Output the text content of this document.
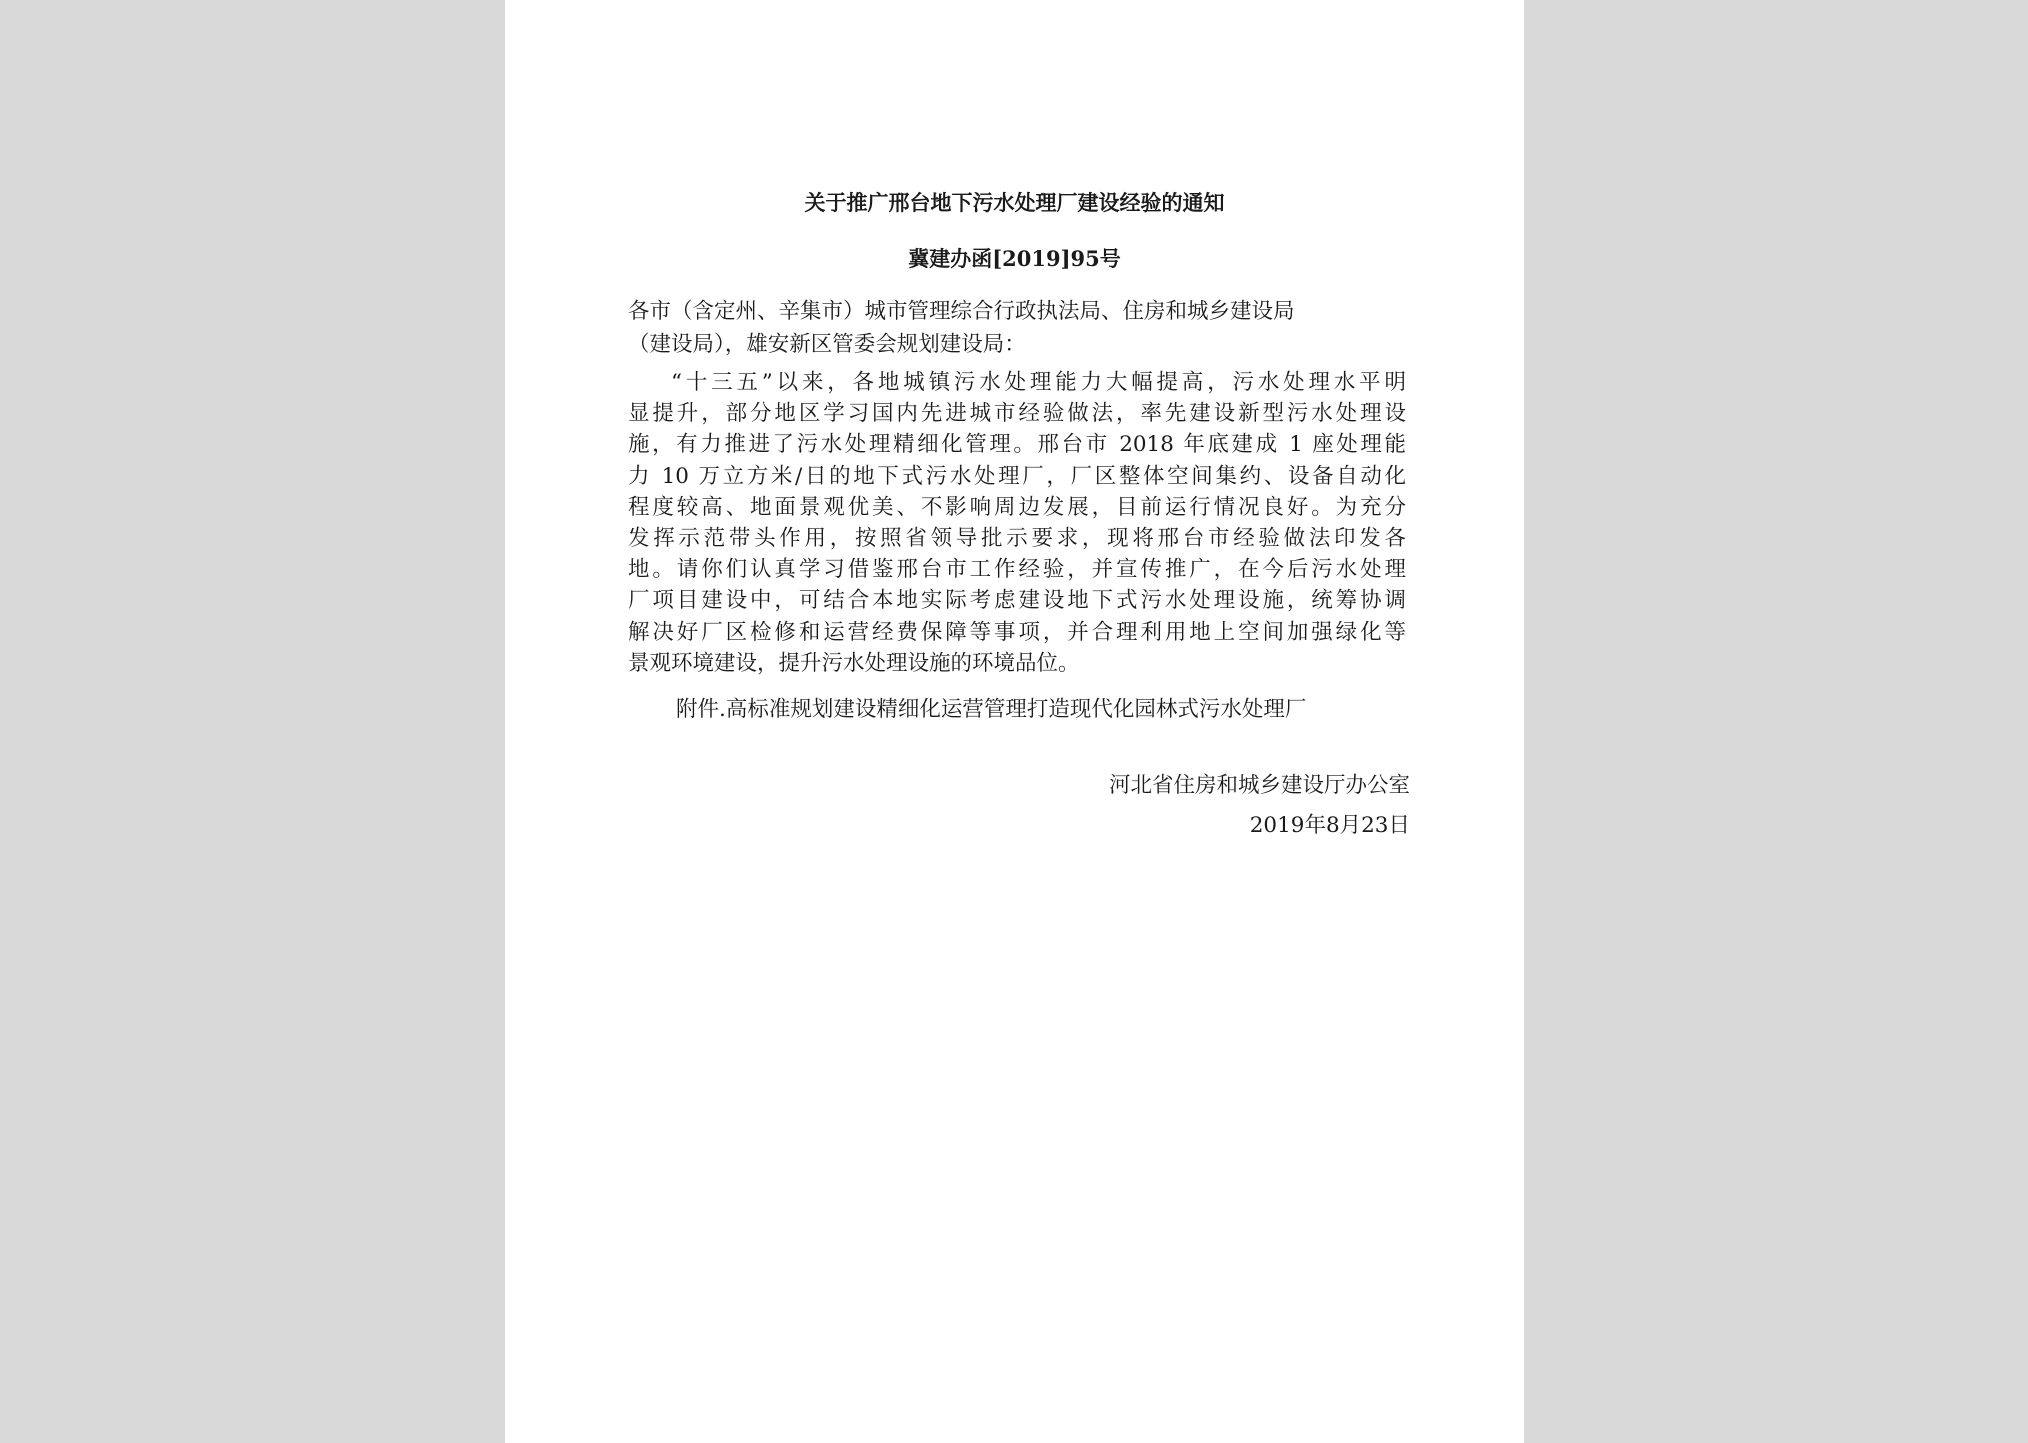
关于推广邢台地下污水处理厂建设经验的通知
冀建办函[2019]95号
各市（含定州、辛集市）城市管理综合行政执法局、住房和城乡建设局
（建设局），雄安新区管委会规划建设局：
“十三五”以来，各地城镇污水处理能力大幅提高，污水处理水平明
显提升，部分地区学习国内先进城市经验做法，率先建设新型污水处理设
施，有力推进了污水处理精细化管理。邢台市 2018 年底建成 1 座处理能
力 10 万立方米/日的地下式污水处理厂，厂区整体空间集约、设备自动化
程度较高、地面景观优美、不影响周边发展，目前运行情况良好。为充分
发挥示范带头作用，按照省领导批示要求，现将邢台市经验做法印发各
地。请你们认真学习借鉴邢台市工作经验，并宣传推广，在今后污水处理
厂项目建设中，可结合本地实际考虑建设地下式污水处理设施，统筹协调
解决好厂区检修和运营经费保障等事项，并合理利用地上空间加强绿化等
景观环境建设，提升污水处理设施的环境品位。
附件.高标准规划建设精细化运营管理打造现代化园林式污水处理厂
河北省住房和城乡建设厅办公室
2019年8月23日
